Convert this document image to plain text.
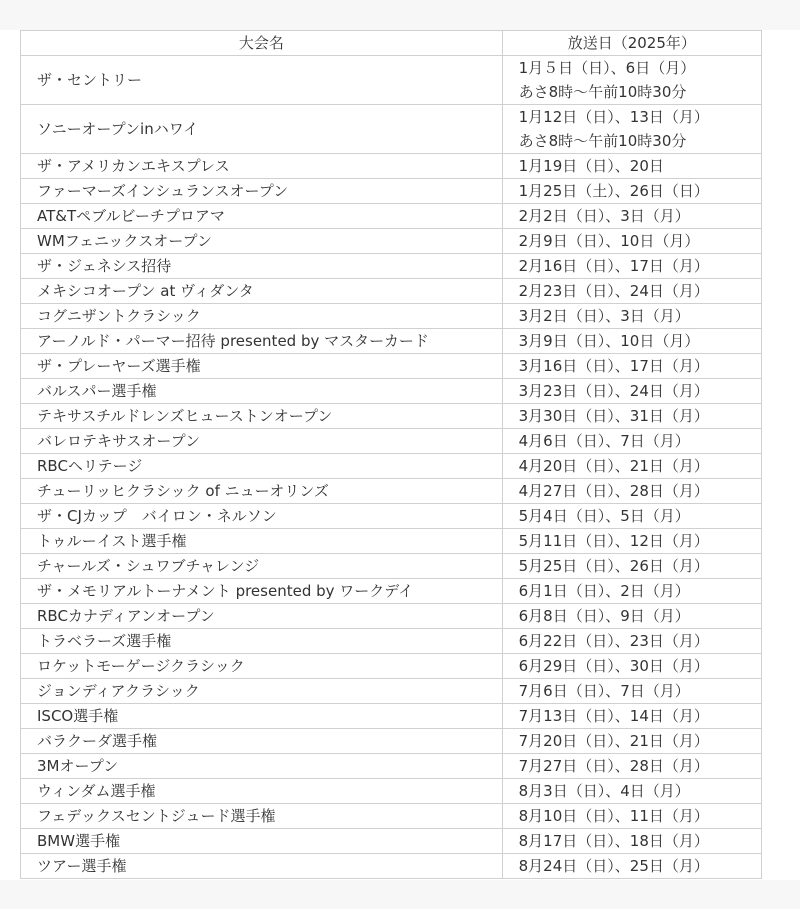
大会名	放送日（2025年）
ザ・セントリー	1月５日（日）、6日（月）
あさ8時〜午前10時30分

ソニーオープンinハワイ	1月12日（日）、13日（月）
あさ8時〜午前10時30分

ザ・アメリカンエキスプレス	1月19日（日）、20日
ファーマーズインシュランスオープン	1月25日（土）、26日（日）
AT&Tペブルビーチプロアマ	2月2日（日）、3日（月）
WMフェニックスオープン	2月9日（日）、10日（月）
ザ・ジェネシス招待	2月16日（日）、17日（月）
メキシコオープン at ヴィダンタ	2月23日（日）、24日（月）
コグニザントクラシック	3月2日（日）、3日（月）
アーノルド・パーマー招待 presented by マスターカード	3月9日（日）、10日（月）
ザ・プレーヤーズ選手権	3月16日（日）、17日（月）
バルスパー選手権	3月23日（日）、24日（月）
テキサスチルドレンズヒューストンオープン	3月30日（日）、31日（月）
バレロテキサスオープン	4月6日（日）、7日（月）
RBCヘリテージ	4月20日（日）、21日（月）
チューリッヒクラシック of ニューオリンズ	4月27日（日）、28日（月）
ザ・CJカップ　バイロン・ネルソン	5月4日（日）、5日（月）
トゥルーイスト選手権	5月11日（日）、12日（月）
チャールズ・シュワブチャレンジ	5月25日（日）、26日（月）
ザ・メモリアルトーナメント presented by ワークデイ	6月1日（日）、2日（月）
RBCカナディアンオープン	6月8日（日）、9日（月）
トラベラーズ選手権	6月22日（日）、23日（月）
ロケットモーゲージクラシック	6月29日（日）、30日（月）
ジョンディアクラシック	7月6日（日）、7日（月）
ISCO選手権	7月13日（日）、14日（月）
バラクーダ選手権	7月20日（日）、21日（月）
3Mオープン	7月27日（日）、28日（月）
ウィンダム選手権	8月3日（日）、4日（月）
フェデックスセントジュード選手権	8月10日（日）、11日（月）
BMW選手権	8月17日（日）、18日（月）
ツアー選手権	8月24日（日）、25日（月）
